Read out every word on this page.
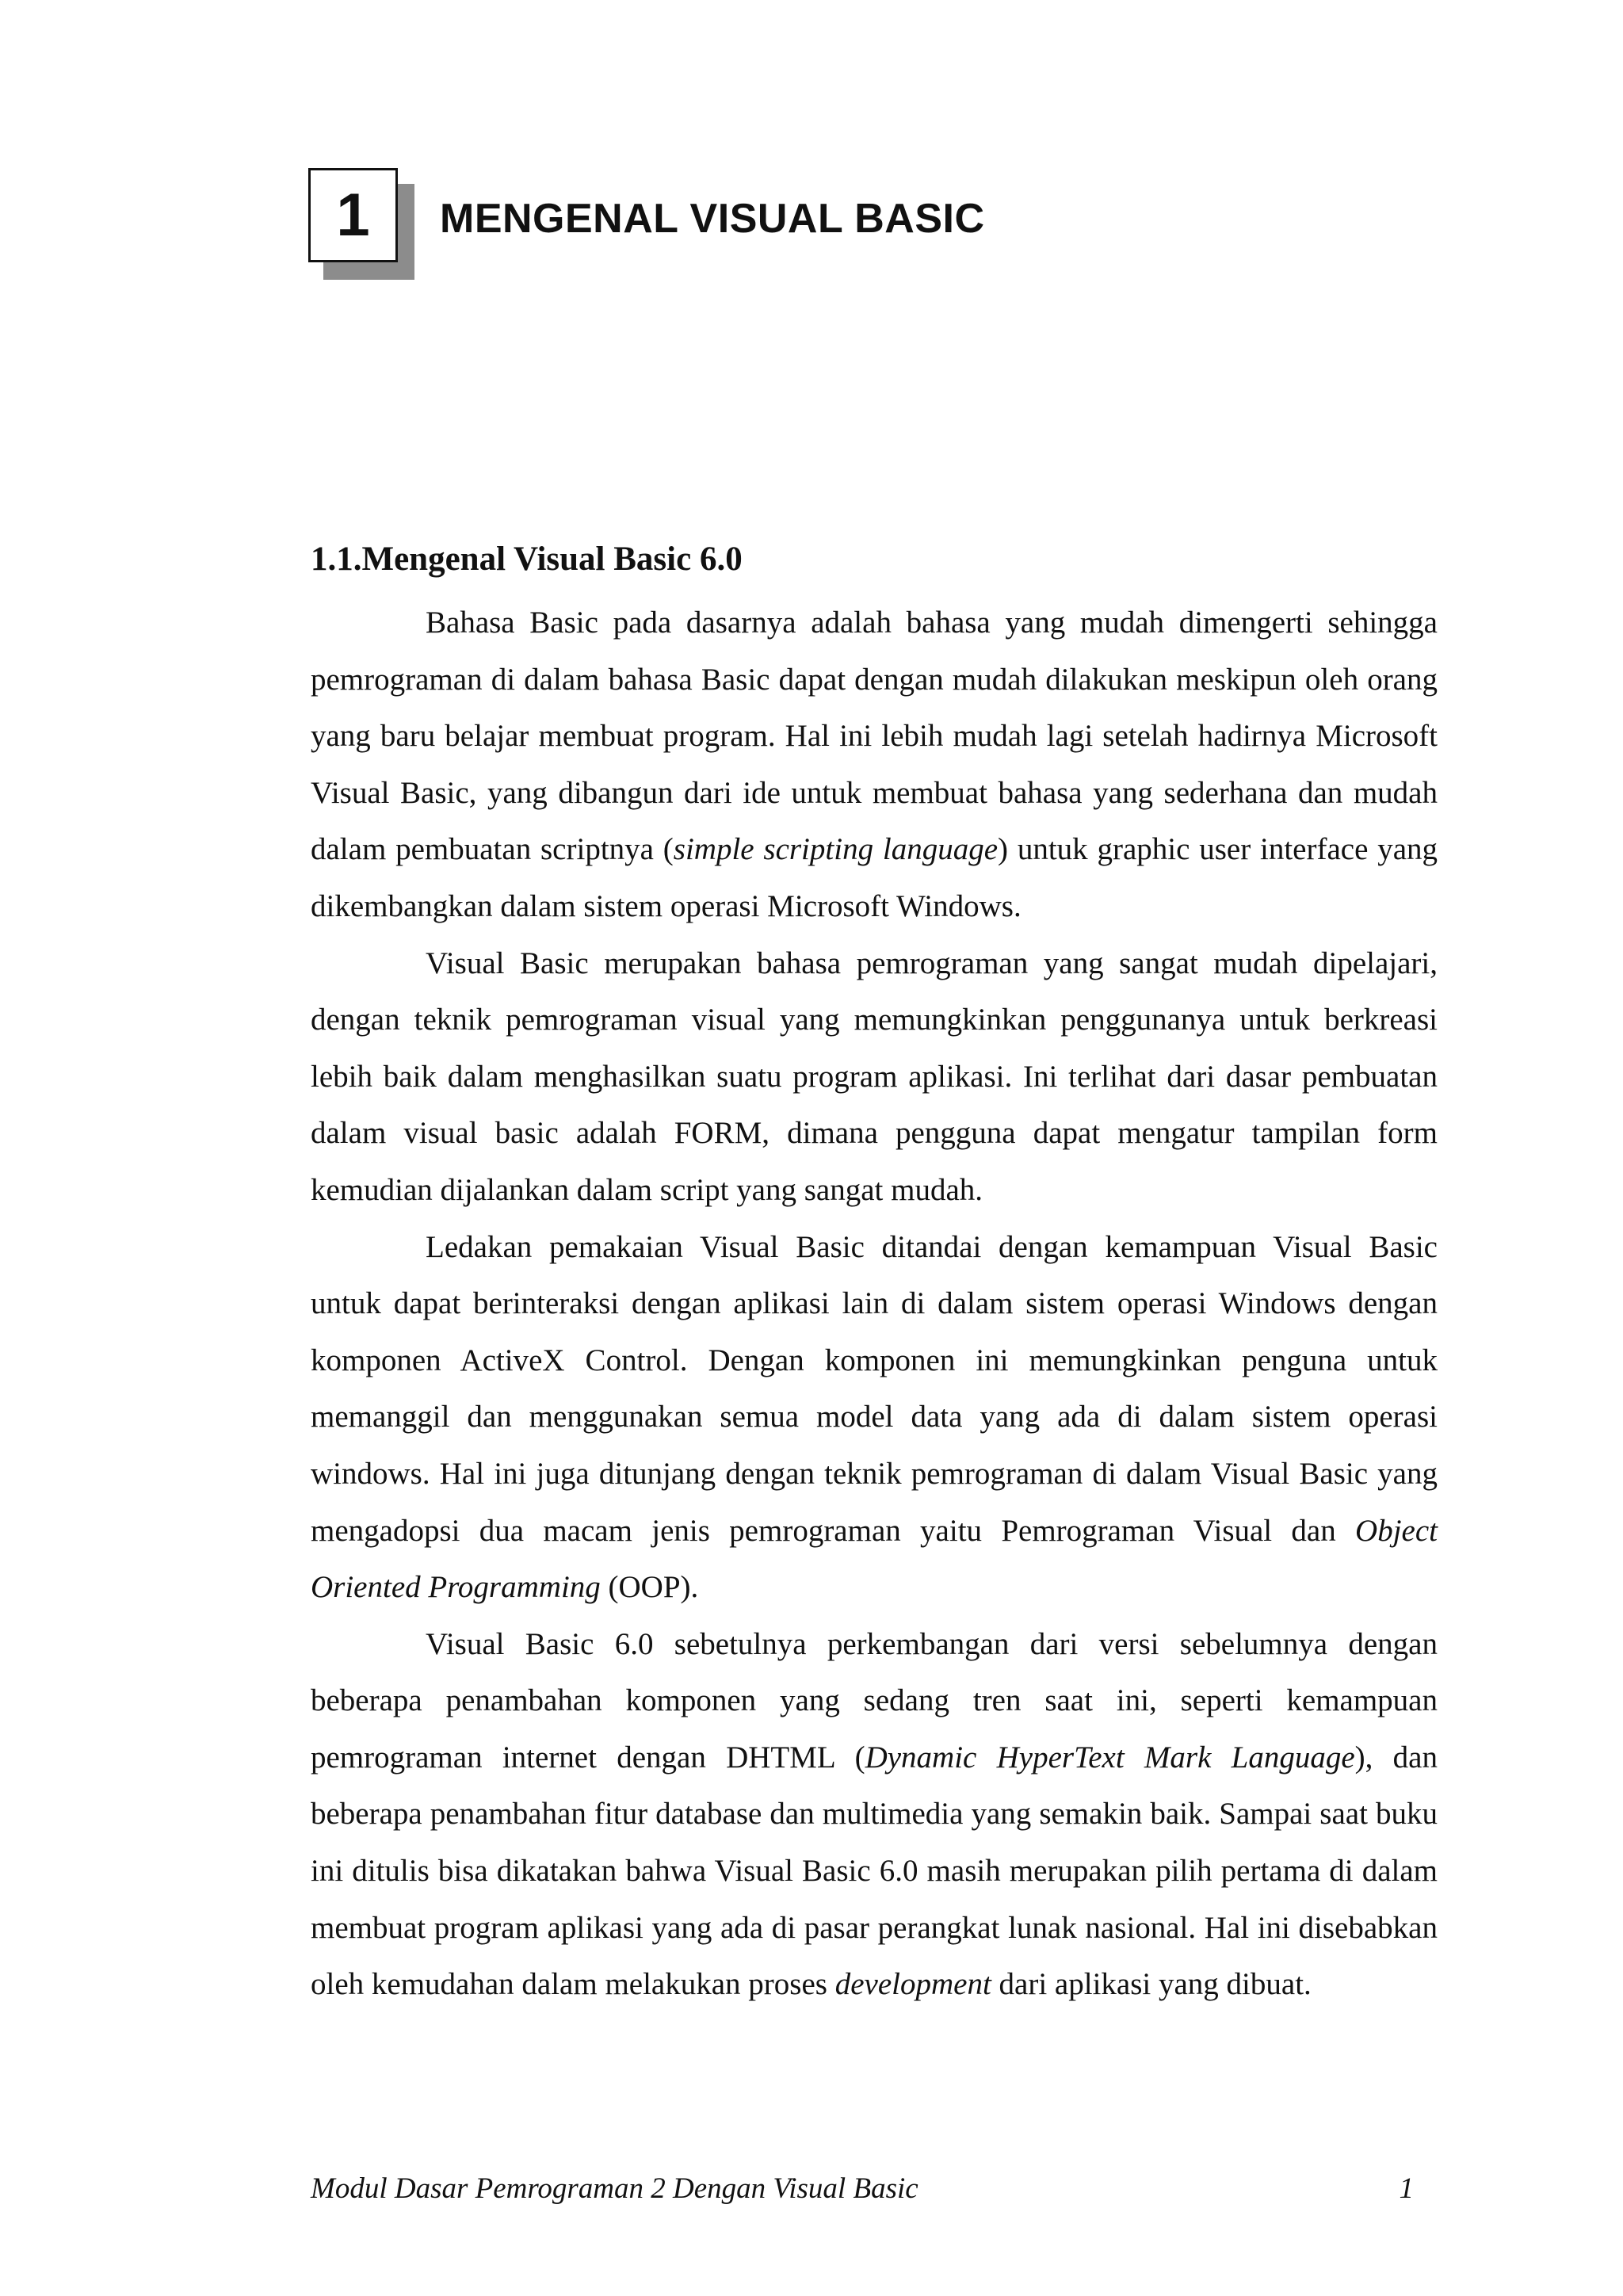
1 MENGENAL VISUAL BASIC
1.1.Mengenal Visual Basic 6.0

Bahasa Basic pada dasarnya adalah bahasa yang mudah dimengerti sehingga pemrograman di dalam bahasa Basic dapat dengan mudah dilakukan meskipun oleh orang yang baru belajar membuat program. Hal ini lebih mudah lagi setelah hadirnya Microsoft Visual Basic, yang dibangun dari ide untuk membuat bahasa yang sederhana dan mudah dalam pembuatan scriptnya (simple scripting language) untuk graphic user interface yang dikembangkan dalam sistem operasi Microsoft Windows.

Visual Basic merupakan bahasa pemrograman yang sangat mudah dipelajari, dengan teknik pemrograman visual yang memungkinkan penggunanya untuk berkreasi lebih baik dalam menghasilkan suatu program aplikasi. Ini terlihat dari dasar pembuatan dalam visual basic adalah FORM, dimana pengguna dapat mengatur tampilan form kemudian dijalankan dalam script yang sangat mudah.

Ledakan pemakaian Visual Basic ditandai dengan kemampuan Visual Basic untuk dapat berinteraksi dengan aplikasi lain di dalam sistem operasi Windows dengan komponen ActiveX Control. Dengan komponen ini memungkinkan penguna untuk memanggil dan menggunakan semua model data yang ada di dalam sistem operasi windows. Hal ini juga ditunjang dengan teknik pemrograman di dalam Visual Basic yang mengadopsi dua macam jenis pemrograman yaitu Pemrograman Visual dan Object Oriented Programming (OOP).

Visual Basic 6.0 sebetulnya perkembangan dari versi sebelumnya dengan beberapa penambahan komponen yang sedang tren saat ini, seperti kemampuan pemrograman internet dengan DHTML (Dynamic HyperText Mark Language), dan beberapa penambahan fitur database dan multimedia yang semakin baik. Sampai saat buku ini ditulis bisa dikatakan bahwa Visual Basic 6.0 masih merupakan pilih pertama di dalam membuat program aplikasi yang ada di pasar perangkat lunak nasional. Hal ini disebabkan oleh kemudahan dalam melakukan proses development dari aplikasi yang dibuat.

Modul Dasar Pemrograman 2 Dengan Visual Basic	1
